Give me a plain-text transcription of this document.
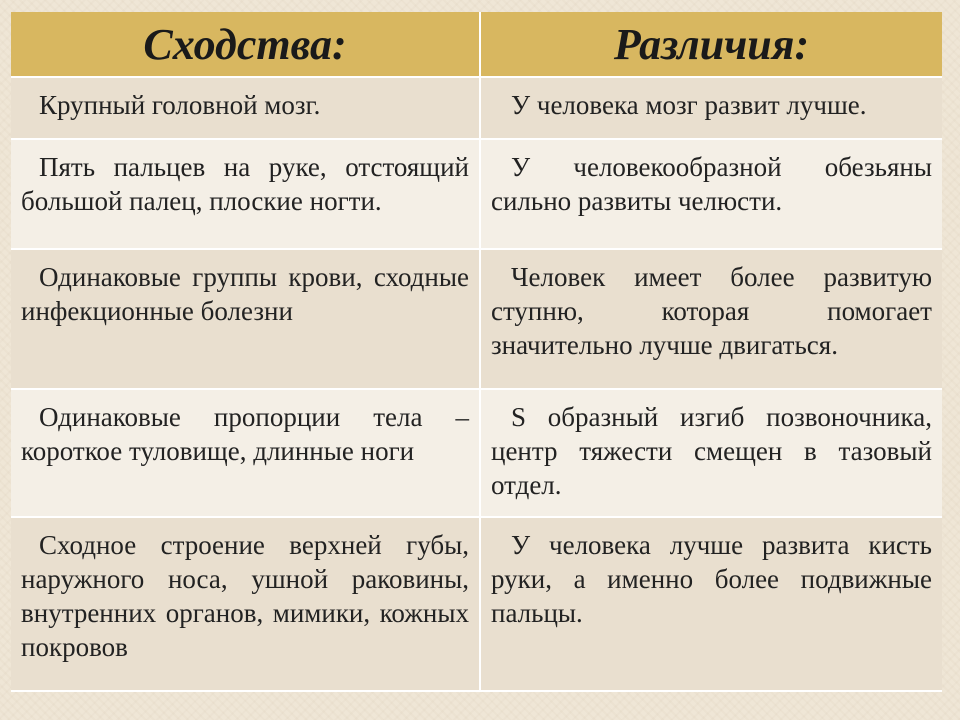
Сходства:	Различия:

Крупный головной мозг.	У человека мозг развит лучше.

Пять пальцев на руке, отстоящий большой палец, плоские ногти.	У человекообразной обезьяны сильно развиты челюсти.

Одинаковые группы крови, сходные инфекционные болезни	Человек имеет более развитую ступню, которая помогает значительно лучше двигаться.

Одинаковые пропорции тела – короткое туловище, длинные ноги	S образный изгиб позвоночника, центр тяжести смещен в тазовый отдел.

Сходное строение верхней губы, наружного носа, ушной раковины, внутренних органов, мимики, кожных покровов	У человека лучше развита кисть руки, а именно более подвижные пальцы.
